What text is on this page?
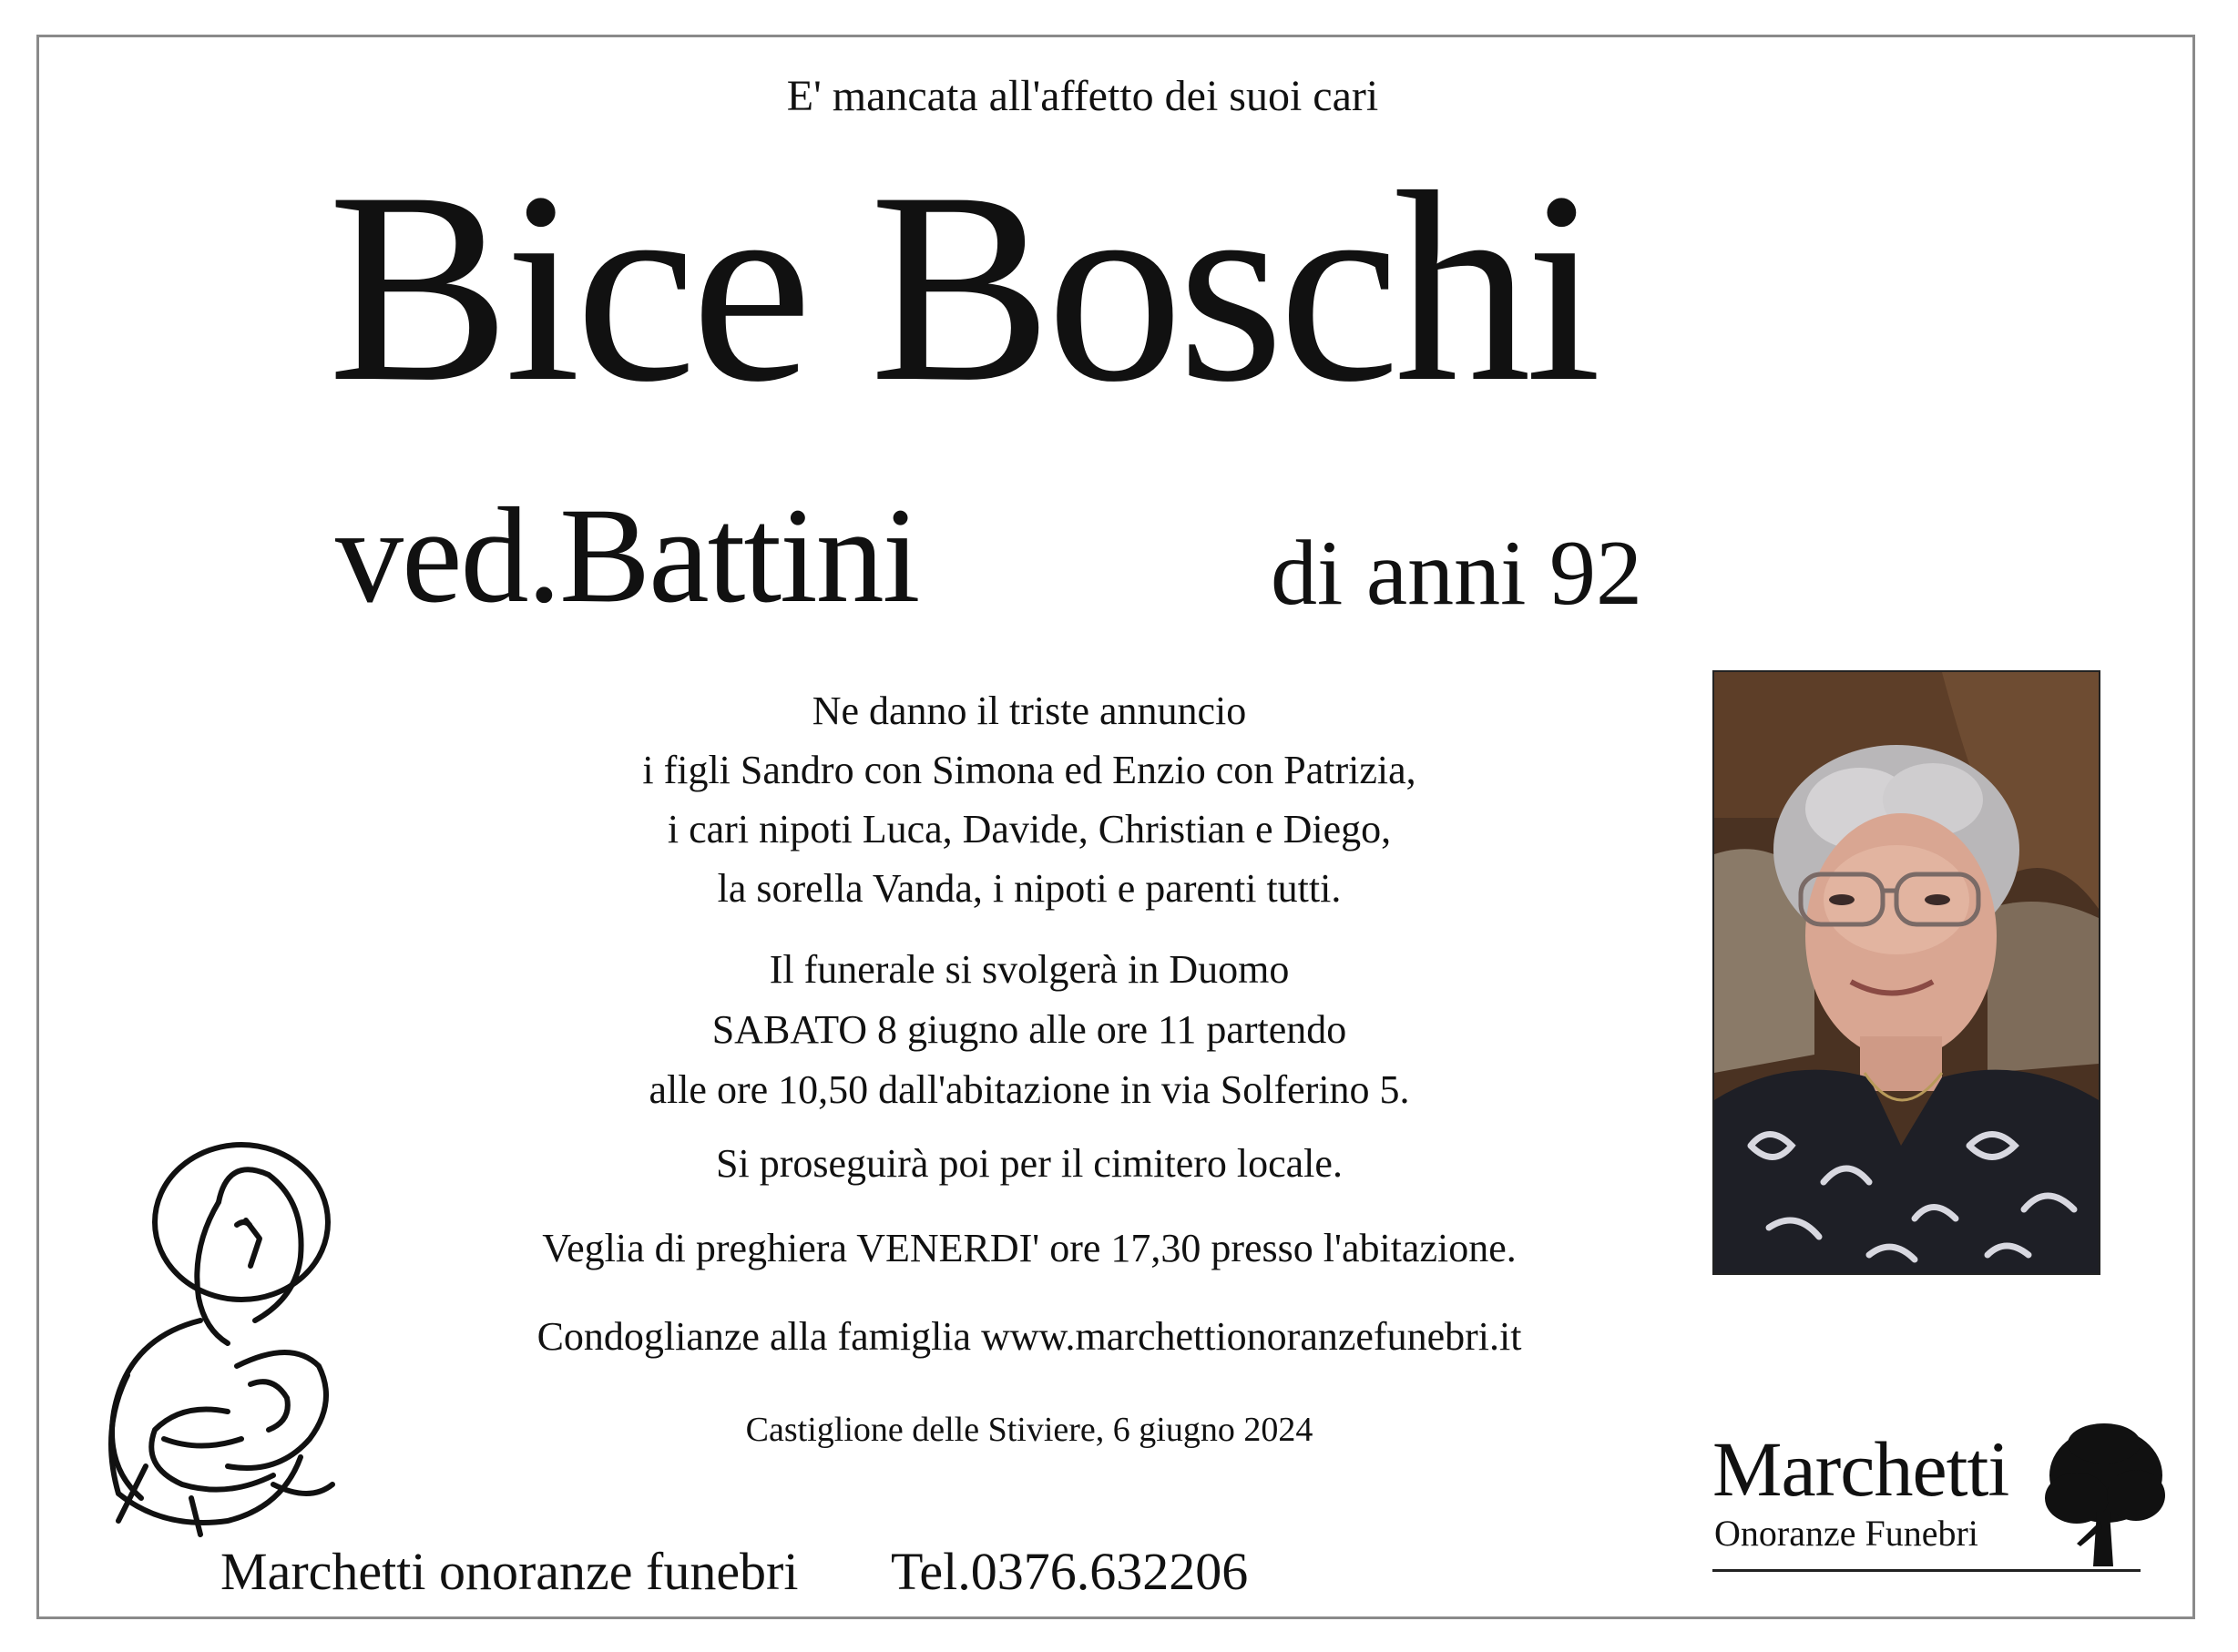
E' mancata all'affetto dei suoi cari
Bice Boschi
ved.Battini	di anni 92
Ne danno il triste annuncio
i figli Sandro con Simona ed Enzio con Patrizia,
i cari nipoti Luca, Davide, Christian e Diego,
la sorella Vanda, i nipoti e parenti tutti.
Il funerale si svolgerà in Duomo
SABATO 8 giugno alle ore 11 partendo
alle ore 10,50 dall'abitazione in via Solferino 5.
Si proseguirà poi per il cimitero locale.
Veglia di preghiera VENERDI' ore 17,30 presso l'abitazione.
Condoglianze alla famiglia www.marchettionoranzefunebri.it
Castiglione delle Stiviere, 6 giugno 2024
Marchetti onoranze funebri Tel.0376.632206
Marchetti
Onoranze Funebri
